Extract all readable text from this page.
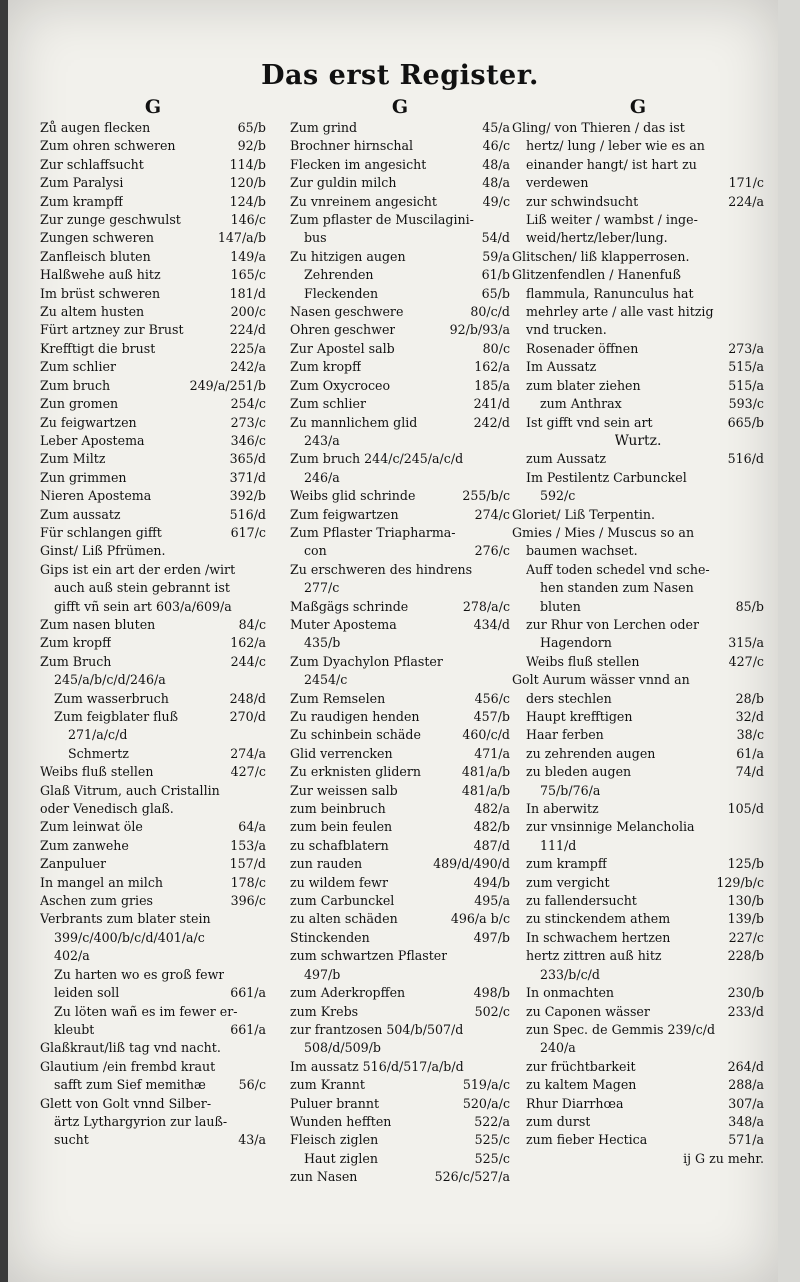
Das erst Register.
G
Zů augen flecken	65/b
Zum ohren schweren	92/b
Zur schlaffsucht	114/b
Zum Paralysi	120/b
Zum krampff	124/b
Zur zunge geschwulst	146/c
Zungen schweren	147/a/b
Zanfleisch bluten	149/a
Halßwehe auß hitz	165/c
Im brüst schweren	181/d
Zu altem husten	200/c
Fürt artzney zur Brust	224/d
Krefftigt die brust	225/a
Zum schlier	242/a
Zum bruch	249/a/251/b
Zun gromen	254/c
Zu feigwartzen	273/c
Leber Apostema	346/c
Zum Miltz	365/d
Zun grimmen	371/d
Nieren Apostema	392/b
Zum aussatz	516/d
Für schlangen gifft	617/c
Ginst/ Liß Pfrümen.
Gips ist ein art der erden /wirt
auch auß stein gebrannt ist
gifft vñ sein art 603/a/609/a
Zum nasen bluten	84/c
Zum kropff	162/a
Zum Bruch	244/c
245/a/b/c/d/246/a
Zum wasserbruch	248/d
Zum feigblater fluß	270/d
271/a/c/d
Schmertz	274/a
Weibs fluß stellen	427/c
Glaß Vitrum, auch Cristallin
oder Venedisch glaß.
Zum leinwat öle	64/a
Zum zanwehe	153/a
Zanpuluer	157/d
In mangel an milch	178/c
Aschen zum gries	396/c
Verbrants zum blater stein
399/c/400/b/c/d/401/a/c
402/a
Zu harten wo es groß fewr
leiden soll	661/a
Zu löten wañ es im fewer er-
kleubt	661/a
Glaßkraut/liß tag vnd nacht.
Glautium /ein frembd kraut
safft zum Sief memithæ	56/c
Glett von Golt vnnd Silber-
ärtz Lythargyrion zur lauß-
sucht	43/a
G
Zum grind	45/a
Brochner hirnschal	46/c
Flecken im angesicht	48/a
Zur guldin milch	48/a
Zu vnreinem angesicht	49/c
Zum pflaster de Muscilagini-
bus	54/d
Zu hitzigen augen	59/a
Zehrenden	61/b
Fleckenden	65/b
Nasen geschwere	80/c/d
Ohren geschwer	92/b/93/a
Zur Apostel salb	80/c
Zum kropff	162/a
Zum Oxycroceo	185/a
Zum schlier	241/d
Zu mannlichem glid	242/d
243/a
Zum bruch 244/c/245/a/c/d
246/a
Weibs glid schrinde	255/b/c
Zum feigwartzen	274/c
Zum Pflaster Triapharma-
con	276/c
Zu erschweren des hindrens
277/c
Maßgägs schrinde	278/a/c
Muter Apostema	434/d
435/b
Zum Dyachylon Pflaster
2454/c
Zum Remselen	456/c
Zu raudigen henden	457/b
Zu schinbein schäde	460/c/d
Glid verrencken	471/a
Zu erknisten glidern	481/a/b
Zur weissen salb	481/a/b
zum beinbruch	482/a
zum bein feulen	482/b
zu schafblatern	487/d
zun rauden	489/d/490/d
zu wildem fewr	494/b
zum Carbunckel	495/a
zu alten schäden	496/a b/c
Stinckenden	497/b
zum schwartzen Pflaster
497/b
zum Aderkropffen	498/b
zum Krebs	502/c
zur frantzosen 504/b/507/d
508/d/509/b
Im aussatz 516/d/517/a/b/d
zum Krannt	519/a/c
Puluer brannt	520/a/c
Wunden hefften	522/a
Fleisch ziglen	525/c
Haut ziglen	525/c
zun Nasen	526/c/527/a
G
Gling/ von Thieren / das ist
hertz/ lung / leber wie es an
einander hangt/ ist hart zu
verdewen	171/c
zur schwindsucht	224/a
Liß weiter / wambst / inge-
weid/hertz/leber/lung.
Glitschen/ liß klapperrosen.
Glitzenfendlen / Hanenfuß
flammula, Ranunculus hat
mehrley arte / alle vast hitzig
vnd trucken.
Rosenader öffnen	273/a
Im Aussatz	515/a
zum blater ziehen	515/a
zum Anthrax	593/c
Ist gifft vnd sein art	665/b
Wurtz.
zum Aussatz	516/d
Im Pestilentz Carbunckel
592/c
Gloriet/ Liß Terpentin.
Gmies / Mies / Muscus so an
baumen wachset.
Auff toden schedel vnd sche-
hen standen zum Nasen
bluten	85/b
zur Rhur von Lerchen oder
Hagendorn	315/a
Weibs fluß stellen	427/c
Golt Aurum wässer vnnd an
ders stechlen	28/b
Haupt krefftigen	32/d
Haar ferben	38/c
zu zehrenden augen	61/a
zu bleden augen	74/d
75/b/76/a
In aberwitz	105/d
zur vnsinnige Melancholia
111/d
zum krampff	125/b
zum vergicht	129/b/c
zu fallendersucht	130/b
zu stinckendem athem	139/b
In schwachem hertzen	227/c
hertz zittren auß hitz	228/b
233/b/c/d
In onmachten	230/b
zu Caponen wässer	233/d
zun Spec. de Gemmis 239/c/d
240/a
zur früchtbarkeit	264/d
zu kaltem Magen	288/a
Rhur Diarrhœa	307/a
zum durst	348/a
zum fieber Hectica	571/a
ij G zu mehr.
